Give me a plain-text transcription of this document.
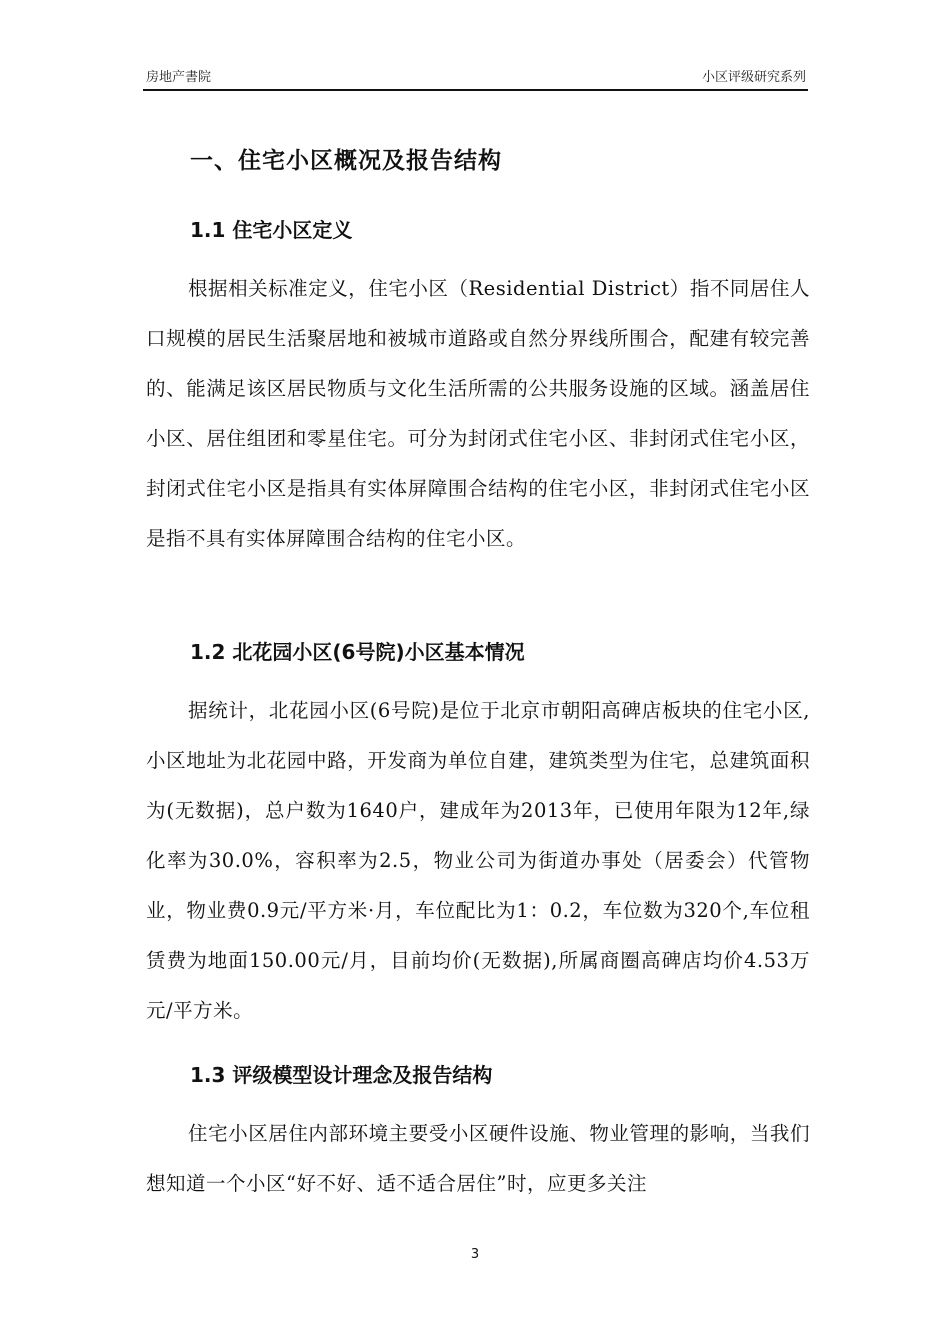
房地产書院	小区评级研究系列
一、住宅小区概况及报告结构
1.1 住宅小区定义
根据相关标准定义，住宅小区（Residential District）指不同居住人口规模的居民生活聚居地和被城市道路或自然分界线所围合，配建有较完善的、能满足该区居民物质与文化生活所需的公共服务设施的区域。涵盖居住小区、居住组团和零星住宅。可分为封闭式住宅小区、非封闭式住宅小区，封闭式住宅小区是指具有实体屏障围合结构的住宅小区，非封闭式住宅小区是指不具有实体屏障围合结构的住宅小区。
1.2 北花园小区(6号院)小区基本情况
据统计，北花园小区(6号院)是位于北京市朝阳高碑店板块的住宅小区,小区地址为北花园中路，开发商为单位自建，建筑类型为住宅，总建筑面积为(无数据)，总户数为1640户，建成年为2013年，已使用年限为12年,绿化率为30.0%，容积率为2.5，物业公司为街道办事处（居委会）代管物业，物业费0.9元/平方米·月，车位配比为1：0.2，车位数为320个,车位租赁费为地面150.00元/月，目前均价(无数据),所属商圈高碑店均价4.53万元/平方米。
1.3 评级模型设计理念及报告结构
住宅小区居住内部环境主要受小区硬件设施、物业管理的影响，当我们想知道一个小区“好不好、适不适合居住”时，应更多关注
3
